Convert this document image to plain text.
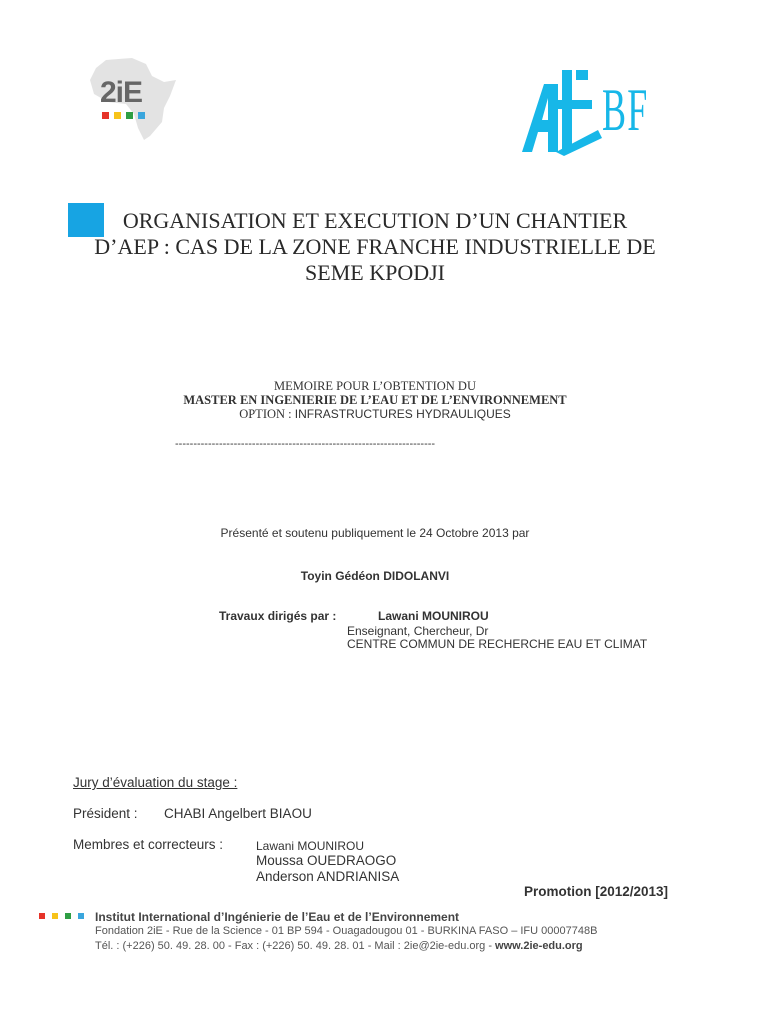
2iE	BF
ORGANISATION ET EXECUTION D’UN CHANTIER
D’AEP : CAS DE LA ZONE FRANCHE INDUSTRIELLE DE
SEME KPODJI
MEMOIRE POUR L’OBTENTION DU
MASTER EN INGENIERIE DE L’EAU ET DE L’ENVIRONNEMENT
OPTION : INFRASTRUCTURES HYDRAULIQUES
-----------------------------------------------------------------------
Présenté et soutenu publiquement le 24 Octobre 2013 par
Toyin Gédéon DIDOLANVI
Travaux dirigés par :	Lawani MOUNIROU
Enseignant, Chercheur, Dr
CENTRE COMMUN DE RECHERCHE EAU ET CLIMAT
Jury d’évaluation du stage :
Président : CHABI Angelbert BIAOU
Membres et correcteurs :	Lawani MOUNIROU
Moussa OUEDRAOGO
Anderson ANDRIANISA
Promotion [2012/2013]
Institut International d’Ingénierie de l’Eau et de l’Environnement
Fondation 2iE - Rue de la Science - 01 BP 594 - Ouagadougou 01 - BURKINA FASO – IFU 00007748B
Tél. : (+226) 50. 49. 28. 00 - Fax : (+226) 50. 49. 28. 01 - Mail : 2ie@2ie-edu.org - www.2ie-edu.org
